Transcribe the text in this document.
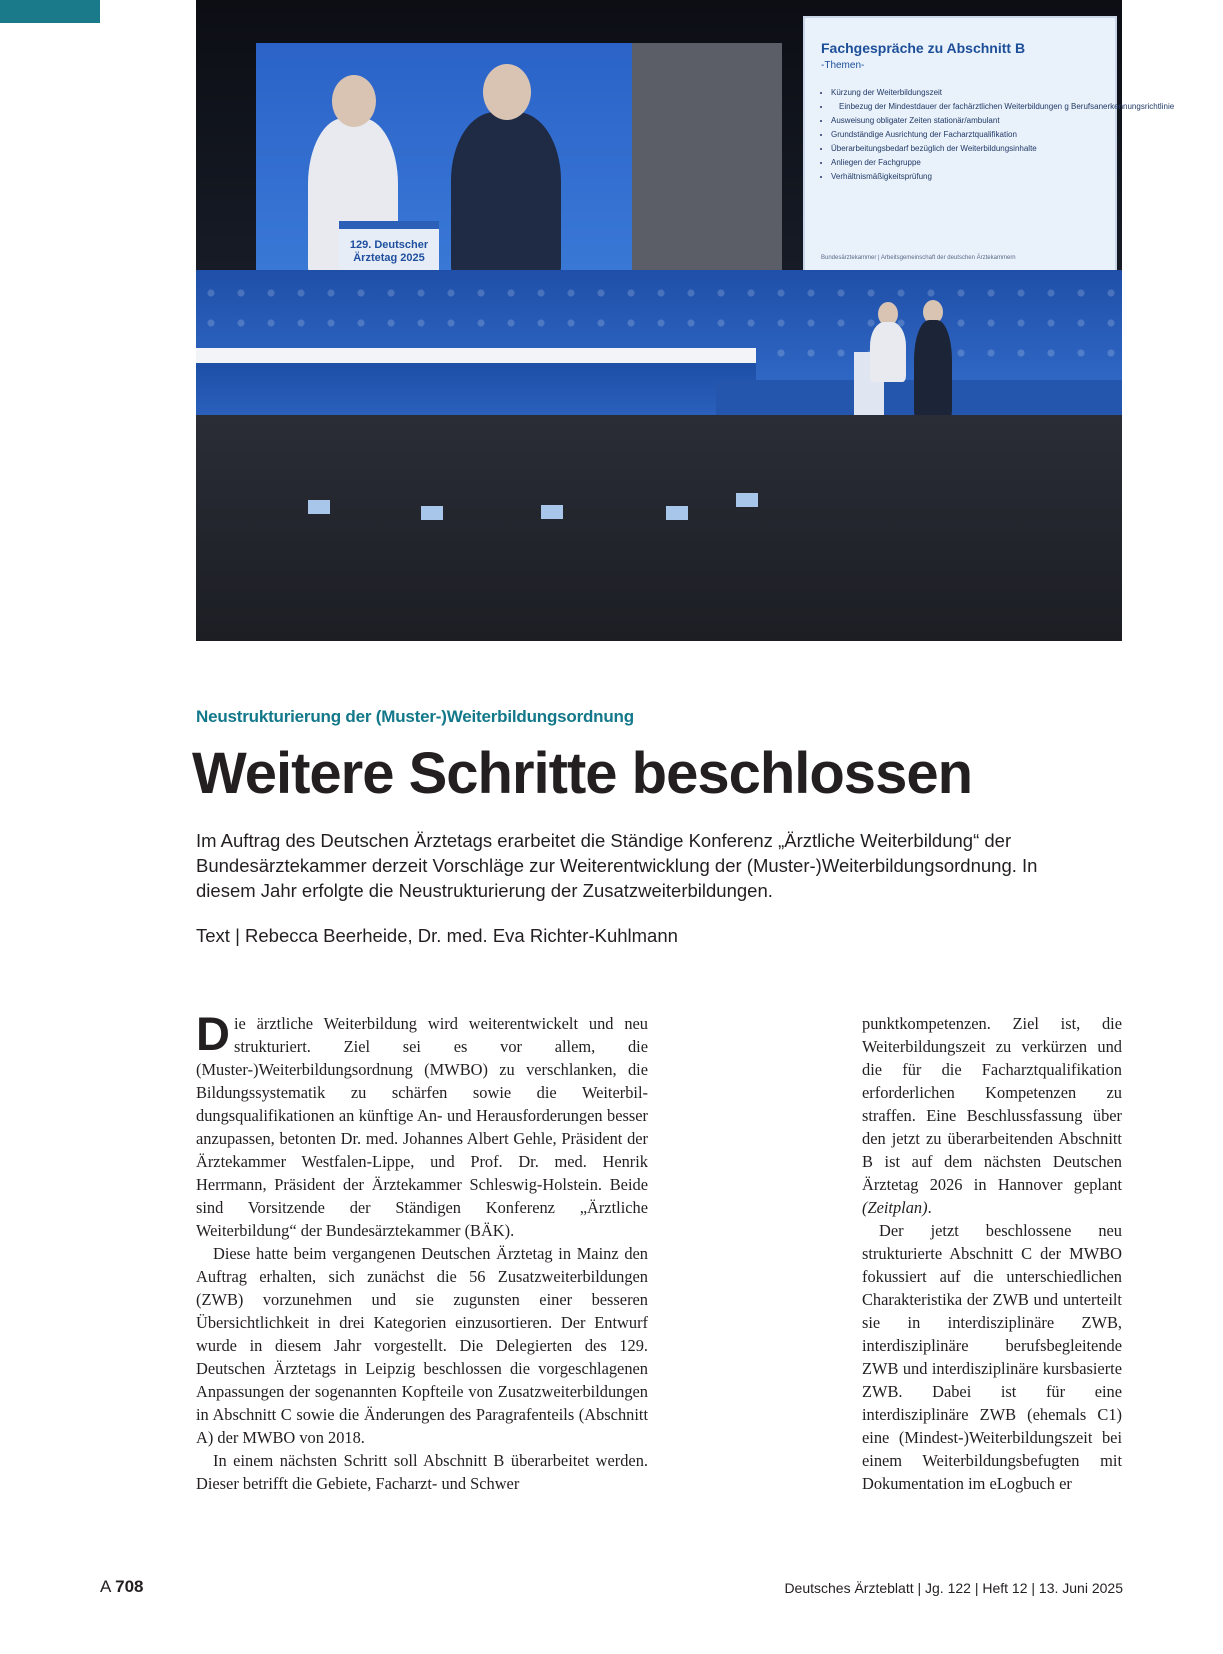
129. Deutscher Ärztetag 2025
Fachgespräche zu Abschnitt B
-Themen-
• Kürzung der Weiterbildungszeit
• Einbezug der Mindestdauer der fachärztlichen Weiterbildungen g Berufsanerkennungsrichtlinie
• Ausweisung obligater Zeiten stationär/ambulant
• Grundständige Ausrichtung der Facharztqualifikation
• Überarbeitungsbedarf bezüglich der Weiterbildungsinhalte
• Anliegen der Fachgruppe
• Verhältnismäßigkeitsprüfung
Bundesärztekammer | Arbeitsgemeinschaft der deutschen Ärztekammern
Neustrukturierung der (Muster-)Weiterbildungsordnung
Weitere Schritte beschlossen

Im Auftrag des Deutschen Ärztetags erarbeitet die Ständige Konferenz „Ärztliche Weiterbildung“ der Bundesärztekammer derzeit Vorschläge zur Weiterentwicklung der (Muster-)Weiterbildungsordnung. In diesem Jahr erfolgte die Neustrukturierung der Zusatzweiterbildungen.

Text | Rebecca Beerheide, Dr. med. Eva Richter-Kuhlmann

Die ärztliche Weiterbildung wird weiterentwickelt und neu strukturiert. Ziel sei es vor allem, die (Muster-)Weiterbildungsordnung (MWBO) zu verschlanken, die Bildungssystematik zu schärfen sowie die Weiterbildungsqualifikationen an künftige An- und Herausforderungen besser anzupassen, betonten Dr. med. Johannes Albert Gehle, Präsident der Ärztekammer Westfalen-Lippe, und Prof. Dr. med. Henrik Herrmann, Präsident der Ärztekammer Schleswig-Holstein. Beide sind Vorsitzende der Ständigen Konferenz „Ärztliche Weiterbildung“ der Bundesärztekammer (BÄK).

Diese hatte beim vergangenen Deutschen Ärztetag in Mainz den Auftrag erhalten, sich zunächst die 56 Zusatzweiterbildungen (ZWB) vorzunehmen und sie zugunsten einer besseren Übersichtlichkeit in drei Kategorien einzusortieren. Der Entwurf wurde in diesem Jahr vorgestellt. Die Delegierten des 129. Deutschen Ärztetags in Leipzig beschlossen die vorgeschlagenen Anpassungen der sogenannten Kopfteile von Zusatzweiterbildungen in Abschnitt C sowie die Änderungen des Paragrafenteils (Abschnitt A) der MWBO von 2018.

In einem nächsten Schritt soll Abschnitt B überarbeitet werden. Dieser betrifft die Gebiete, Facharzt- und Schwer

punktkompetenzen. Ziel ist, die Weiterbildungszeit zu verkürzen und die für die Facharztqualifikation erforderlichen Kompetenzen zu straffen. Eine Beschlussfassung über den jetzt zu überarbeitenden Abschnitt B ist auf dem nächsten Deutschen Ärztetag 2026 in Hannover geplant (Zeitplan).

Der jetzt beschlossene neu strukturierte Abschnitt C der MWBO fokussiert auf die unterschiedlichen Charakteristika der ZWB und unterteilt sie in interdisziplinäre ZWB, interdisziplinäre berufsbegleitende ZWB und interdisziplinäre kursbasierte ZWB. Dabei ist für eine interdisziplinäre ZWB (ehemals C1) eine (Mindest-)Weiterbildungszeit bei einem Weiterbildungsbefugten mit Dokumentation im eLogbuch er

A 708	Deutsches Ärzteblatt | Jg. 122 | Heft 12 | 13. Juni 2025
